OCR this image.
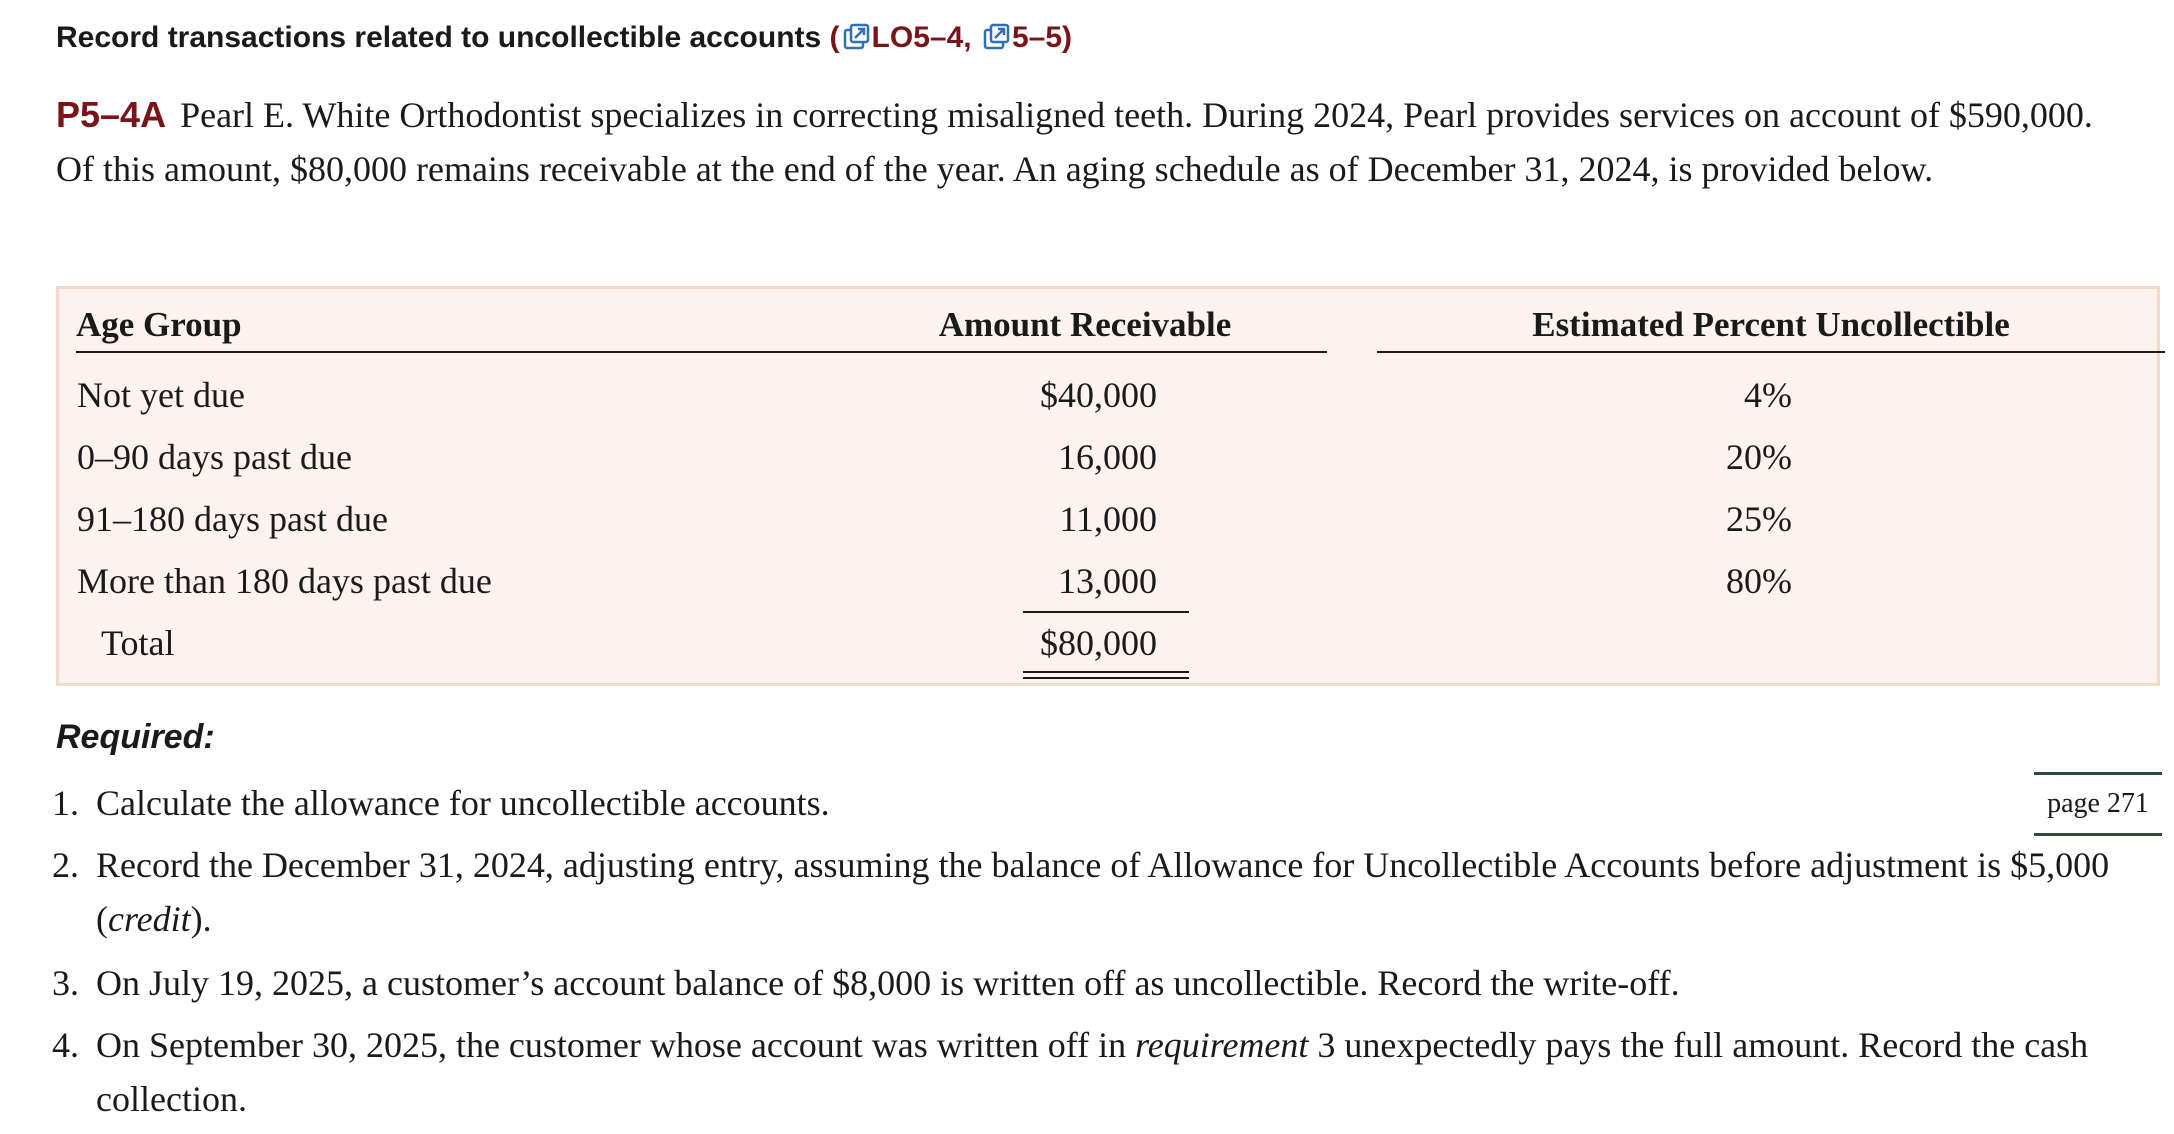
Record transactions related to uncollectible accounts ( LO5–4, 5–5)
P5–4A Pearl E. White Orthodontist specializes in correcting misaligned teeth. During 2024, Pearl provides services on account of $590,000. Of this amount, $80,000 remains receivable at the end of the year. An aging schedule as of December 31, 2024, is provided below.
Age Group	Amount Receivable	Estimated Percent Uncollectible
Not yet due	$40,000	4%
0–90 days past due	16,000	20%
91–180 days past due	11,000	25%
More than 180 days past due	13,000	80%
Total	$80,000
Required:
1. Calculate the allowance for uncollectible accounts.
2. Record the December 31, 2024, adjusting entry, assuming the balance of Allowance for Uncollectible Accounts before adjustment is $5,000 (credit).
3. On July 19, 2025, a customer’s account balance of $8,000 is written off as uncollectible. Record the write-off.
4. On September 30, 2025, the customer whose account was written off in requirement 3 unexpectedly pays the full amount. Record the cash collection.
page 271
